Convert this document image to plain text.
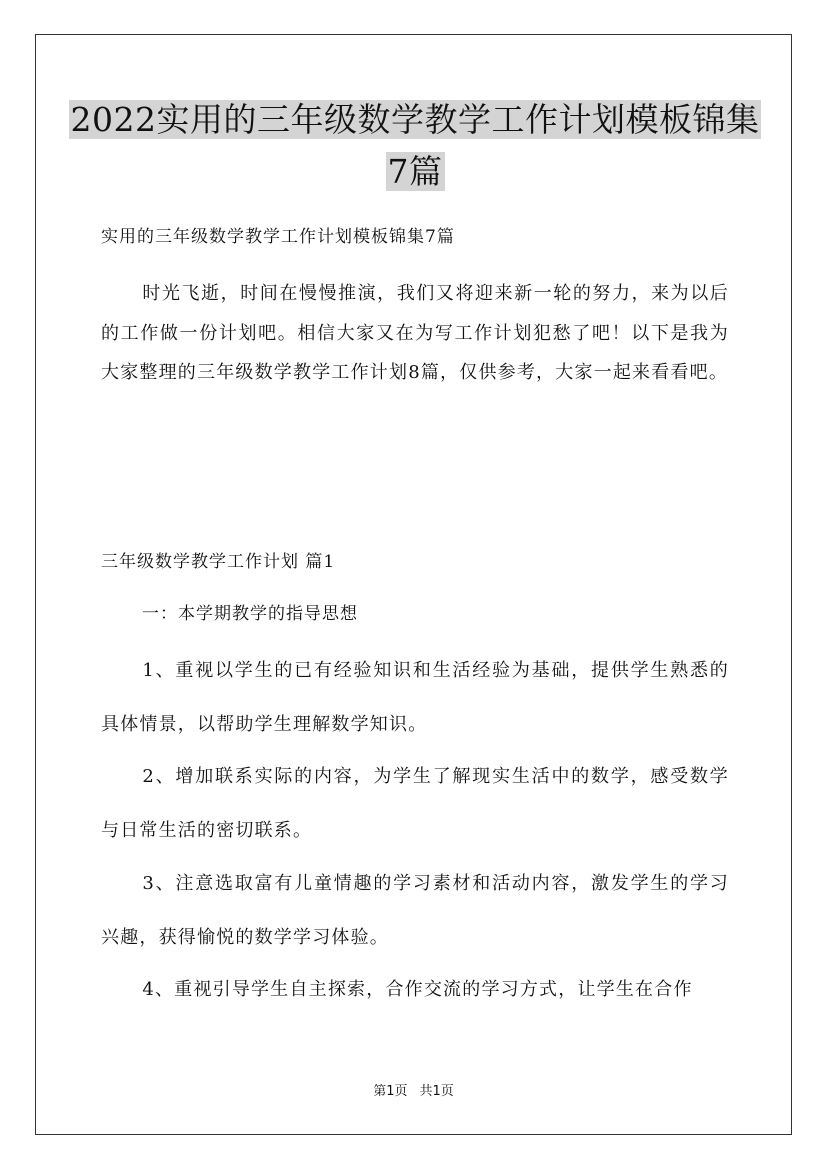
2022实用的三年级数学教学工作计划模板锦集
7篇
实用的三年级数学教学工作计划模板锦集7篇
时光飞逝，时间在慢慢推演，我们又将迎来新一轮的努力，来为以后的工作做一份计划吧。相信大家又在为写工作计划犯愁了吧！以下是我为大家整理的三年级数学教学工作计划8篇，仅供参考，大家一起来看看吧。
三年级数学教学工作计划 篇1
一：本学期教学的指导思想
1、重视以学生的已有经验知识和生活经验为基础，提供学生熟悉的具体情景，以帮助学生理解数学知识。
2、增加联系实际的内容，为学生了解现实生活中的数学，感受数学与日常生活的密切联系。
3、注意选取富有儿童情趣的学习素材和活动内容，激发学生的学习兴趣，获得愉悦的数学学习体验。
4、重视引导学生自主探索，合作交流的学习方式，让学生在合作
第1页 共1页
